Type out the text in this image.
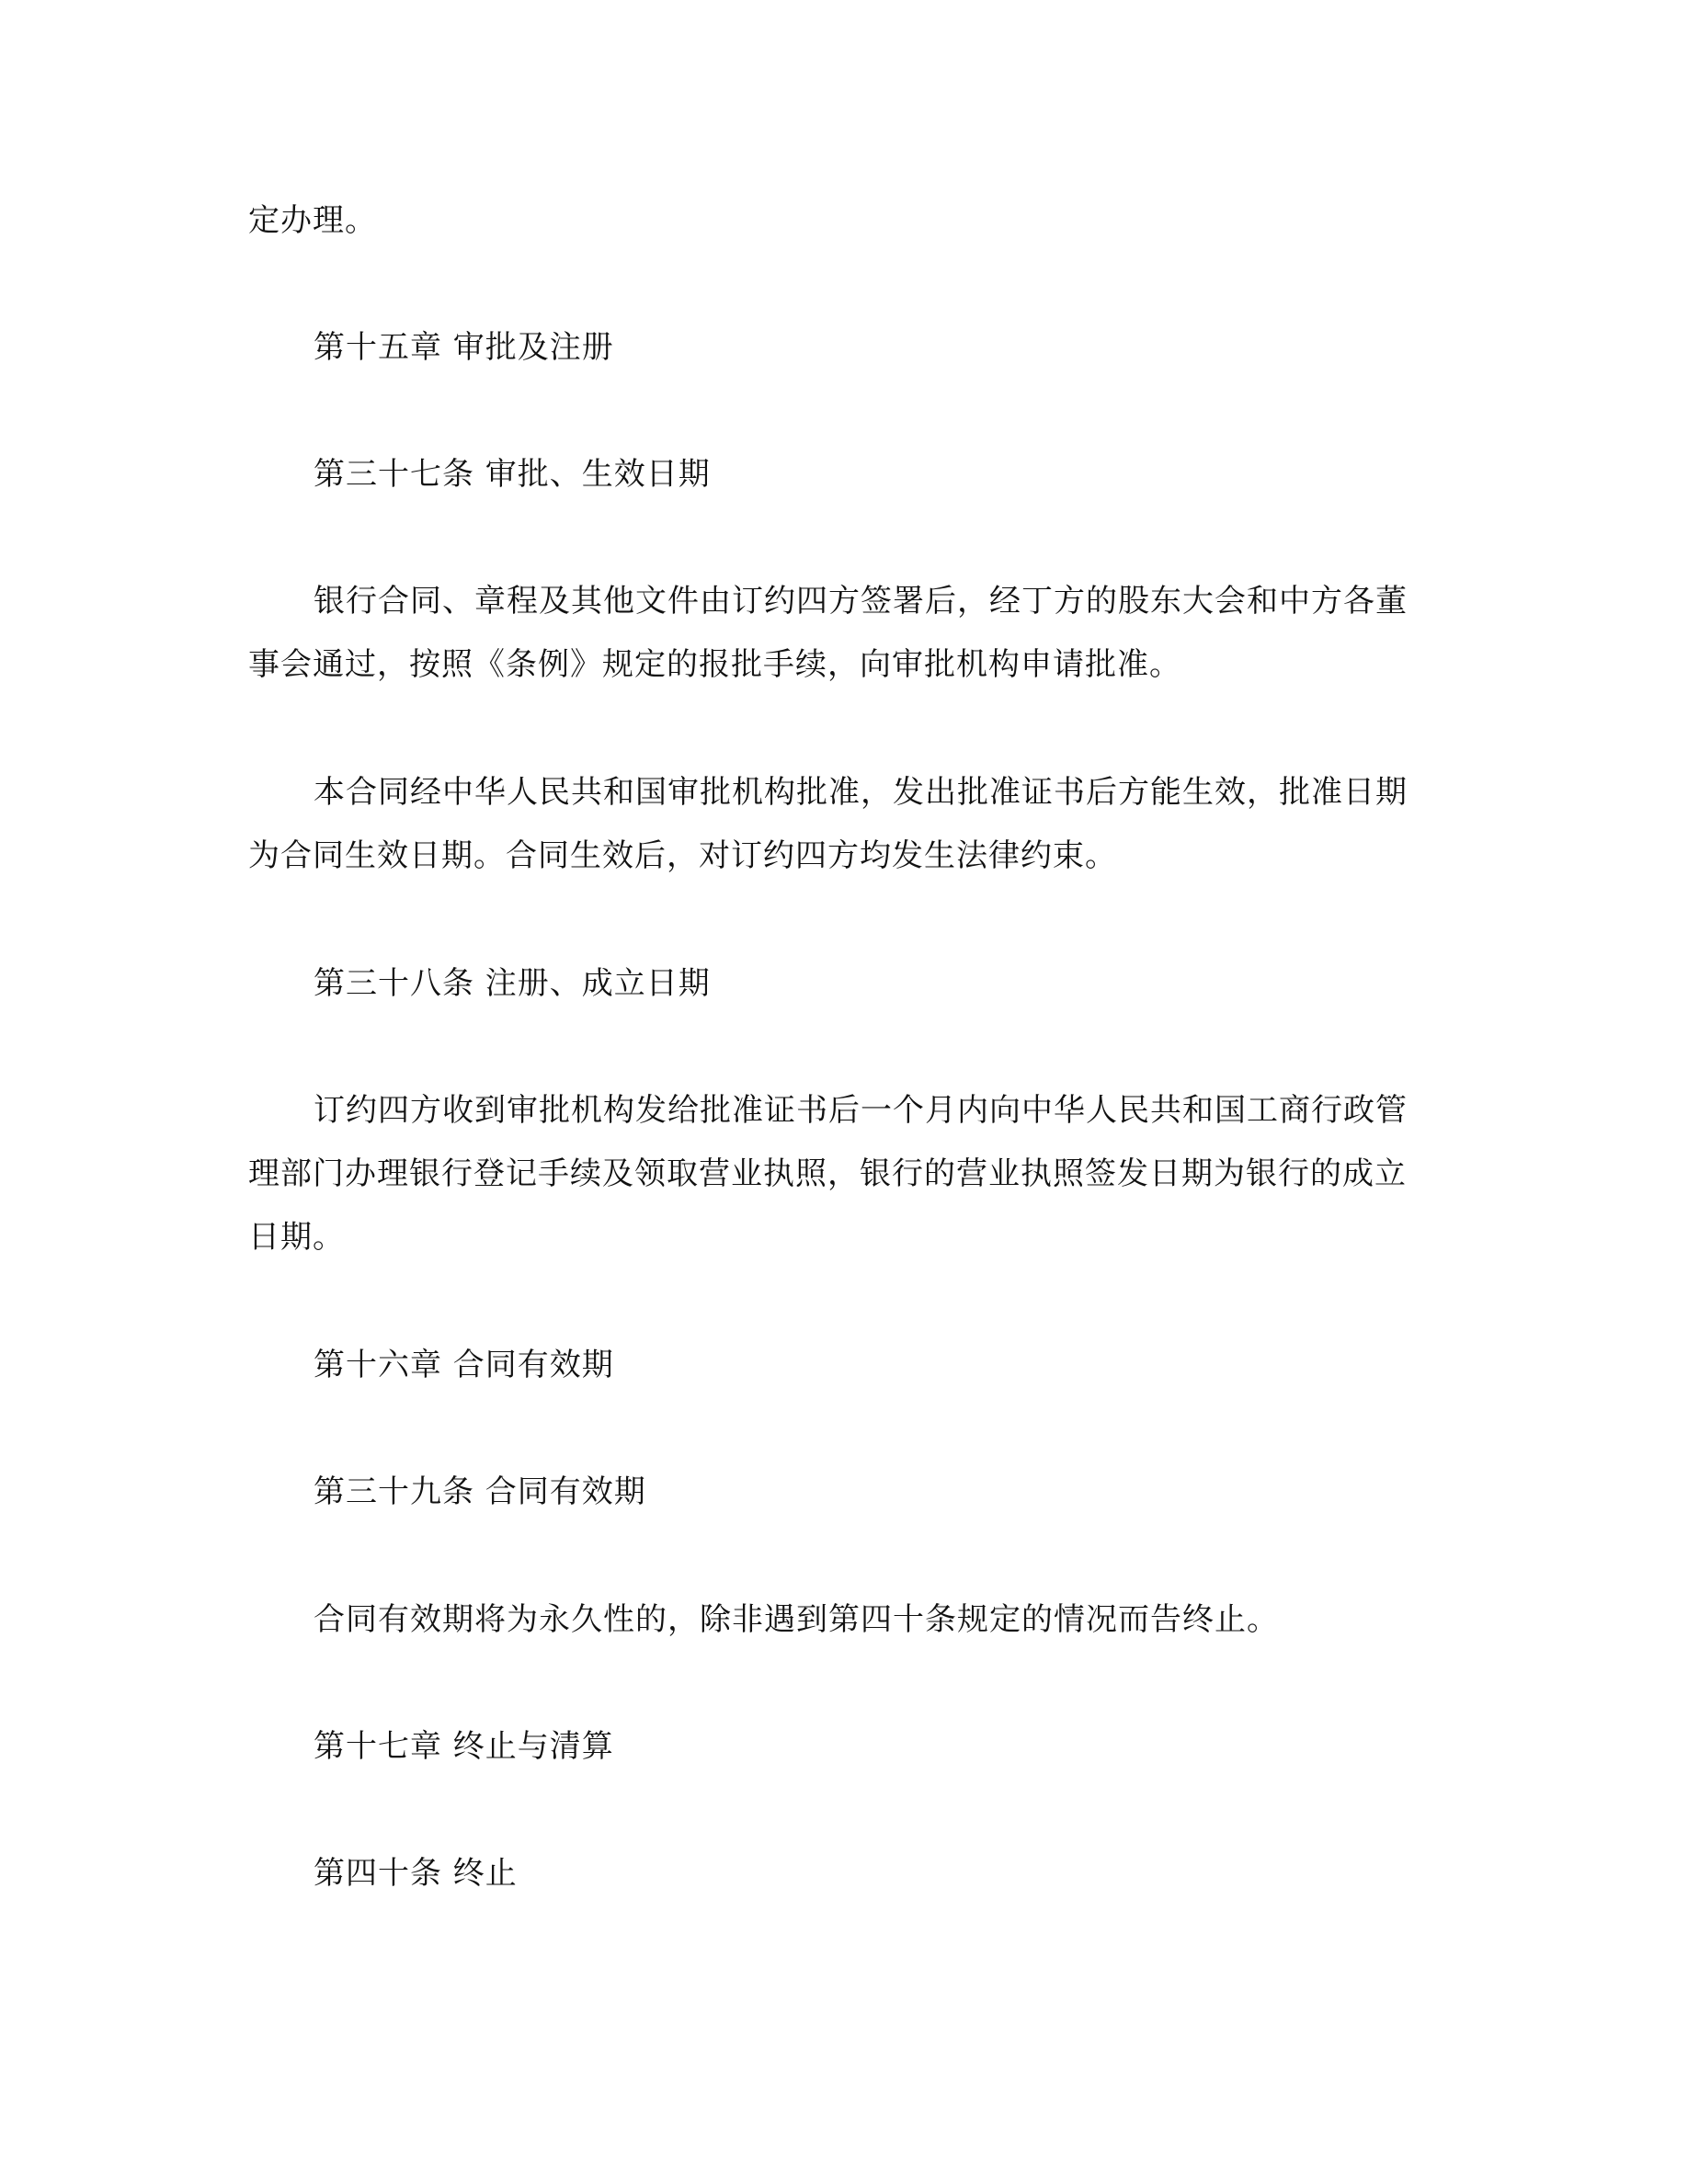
定办理。
第十五章 审批及注册
第三十七条 审批、生效日期
银行合同、章程及其他文件由订约四方签署后，经丁方的股东大会和中方各董
事会通过，按照《条例》规定的报批手续，向审批机构申请批准。
本合同经中华人民共和国审批机构批准，发出批准证书后方能生效，批准日期
为合同生效日期。合同生效后，对订约四方均发生法律约束。
第三十八条 注册、成立日期
订约四方收到审批机构发给批准证书后一个月内向中华人民共和国工商行政管
理部门办理银行登记手续及领取营业执照，银行的营业执照签发日期为银行的成立
日期。
第十六章 合同有效期
第三十九条 合同有效期
合同有效期将为永久性的，除非遇到第四十条规定的情况而告终止。
第十七章 终止与清算
第四十条 终止
